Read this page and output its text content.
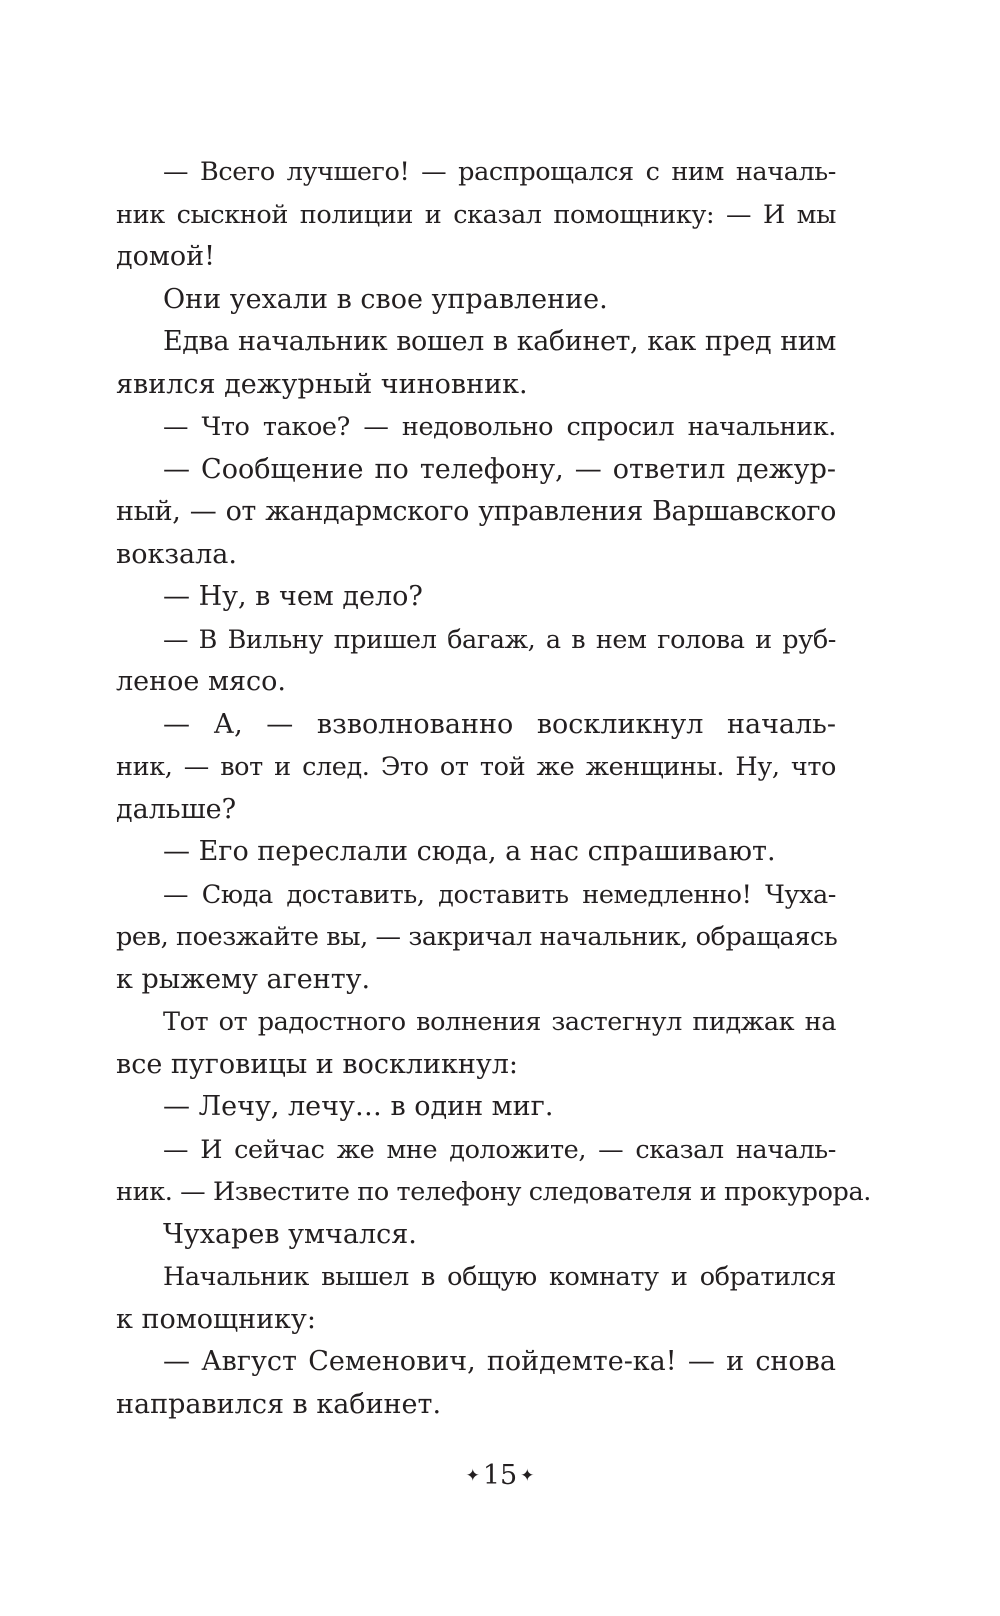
— Всего лучшего! — распрощался с ним началь-
ник сыскной полиции и сказал помощнику: — И мы
домой!
Они уехали в свое управление.
Едва начальник вошел в кабинет, как пред ним
явился дежурный чиновник.
— Что такое? — недовольно спросил начальник.
— Сообщение по телефону, — ответил дежур-
ный, — от жандармского управления Варшавского
вокзала.
— Ну, в чем дело?
— В Вильну пришел багаж, а в нем голова и руб-
леное мясо.
— А, — взволнованно воскликнул началь-
ник, — вот и след. Это от той же женщины. Ну, что
дальше?
— Его переслали сюда, а нас спрашивают.
— Сюда доставить, доставить немедленно! Чуха-
рев, поезжайте вы, — закричал начальник, обращаясь
к рыжему агенту.
Тот от радостного волнения застегнул пиджак на
все пуговицы и воскликнул:
— Лечу, лечу… в один миг.
— И сейчас же мне доложите, — сказал началь-
ник. — Известите по телефону следователя и прокурора.
Чухарев умчался.
Начальник вышел в общую комнату и обратился
к помощнику:
— Август Семенович, пойдемте-ка! — и снова
направился в кабинет.
✦ 15 ✦
